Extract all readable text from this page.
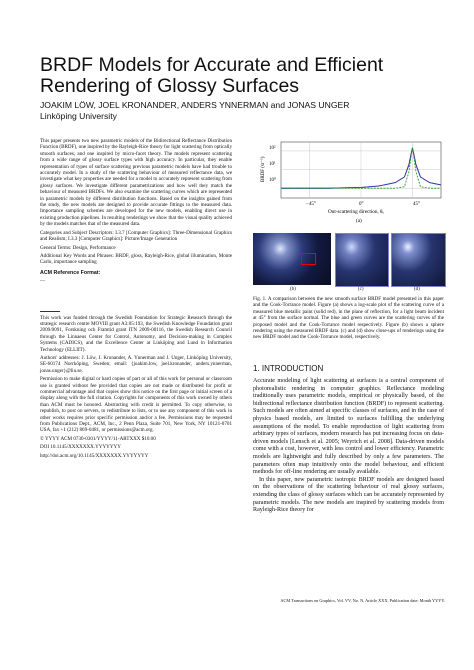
BRDF Models for Accurate and Efficient Rendering of Glossy Surfaces
JOAKIM LÖW, JOEL KRONANDER, ANDERS YNNERMAN and JONAS UNGER
Linköping University

This paper presents two new parametric models of the Bidirectional Reflectance Distribution Function (BRDF), one inspired by the Rayleigh-Rice theory for light scattering from optically smooth surfaces, and one inspired by micro-facet theory. The models represent scattering from a wide range of glossy surface types with high accuracy. In particular, they enable representation of types of surface scattering previous parametric models have had trouble to accurately model. In a study of the scattering behaviour of measured reflectance data, we investigate what key properties are needed for a model to accurately represent scattering from glossy surfaces. We investigate different parametrizations and how well they match the behaviour of measured BRDFs. We also examine the scattering curves which are represented in parametric models by different distribution functions. Based on the insights gained from the study, the new models are designed to provide accurate fittings to the measured data. Importance sampling schemes are developed for the new models, enabling direct use in existing production pipelines. In resulting renderings we show that the visual quality achieved by the models matches that of the measured data.

Categories and Subject Descriptors: I.3.7 [Computer Graphics]: Three-Dimensional Graphics and Realism; I.3.3 [Computer Graphics]: Picture/Image Generation

General Terms: Design, Performance

Additional Key Words and Phrases: BRDF, gloss, Rayleigh-Rice, global illumination, Monte Carlo, importance sampling

ACM Reference Format:

—

This work was funded through the Swedish Foundation for Strategic Research through the strategic research centre MOVIII grant A3:05:193, the Swedish Knowledge Foundation grant 2009/0091, Forskning och Framtid grant ITN 2009-00116, the Swedish Research Council through the Linnaeus Center for Control, Autonomy, and Decision-making in Complex Systems (CADICS), and the Excellence Center at Linköping and Lund in Information Technology (ELLIIT).

Authors' addresses: J. Löw, J. Kronander, A. Ynnerman and J. Unger, Linköping University, SE-60174 Norrköping, Sweden; email: {joakim.low, joel.kronander, anders.ynnerman, jonas.unger}@liu.se.

Permission to make digital or hard copies of part or all of this work for personal or classroom use is granted without fee provided that copies are not made or distributed for profit or commercial advantage and that copies show this notice on the first page or initial screen of a display along with the full citation. Copyrights for components of this work owned by others than ACM must be honored. Abstracting with credit is permitted. To copy otherwise, to republish, to post on servers, to redistribute to lists, or to use any component of this work in other works requires prior specific permission and/or a fee. Permissions may be requested from Publications Dept., ACM, Inc., 2 Penn Plaza, Suite 701, New York, NY 10121-0701 USA, fax +1 (212) 869-0481, or permissions@acm.org.

© YYYY ACM 0730-0301/YYYY/11-ARTXXX $10.00

DOI 10.1145/XXXXXXX.YYYYYYY

http://doi.acm.org/10.1145/XXXXXXX.YYYYYYY

BRDF (sr⁻¹)
10²
10¹
10⁰
−45°	0°	45°
Out-scattering direction, θₒ
(a)
(b)	(c)	(d)
Fig. 1. A comparison between the new smooth surface BRDF model presented in this paper and the Cook-Torrance model. Figure (a) shows a log-scale plot of the scattering curve of a measured blue metallic paint (solid red), in the plane of reflection, for a light beam incident at 45° from the surface normal. The blue and green curves are the scattering curves of the proposed model and the Cook-Torrance model respectively. Figure (b) shows a sphere rendering using the measured BRDF data. (c) and (d) show close-ups of renderings using the new BRDF model and the Cook-Torrance model, respectively.
1. INTRODUCTION

Accurate modeling of light scattering at surfaces is a central component of photorealistic rendering in computer graphics. Reflectance modeling traditionally uses parametric models, empirical or physically based, of the bidirectional reflectance distribution function (BRDF) to represent scattering. Such models are often aimed at specific classes of surfaces, and in the case of physics based models, are limited to surfaces fulfilling the underlying assumptions of the model. To enable reproduction of light scattering from arbitrary types of surfaces, modern research has put increasing focus on data-driven models [Lensch et al. 2005; Weyrich et al. 2008]. Data-driven models come with a cost, however, with less control and lower efficiency. Parametric models are lightweight and fully described by only a few parameters. The parameters often map intuitively onto the model behaviour, and efficient methods for off-line rendering are usually available.

In this paper, new parametric isotropic BRDF models are designed based on the observations of the scattering behaviour of real glossy surfaces, extending the class of glossy surfaces which can be accurately represented by parametric models. The new models are inspired by scattering models from Rayleigh-Rice theory for

ACM Transactions on Graphics, Vol. VV, No. N, Article XXX, Publication date: Month YYYY.
